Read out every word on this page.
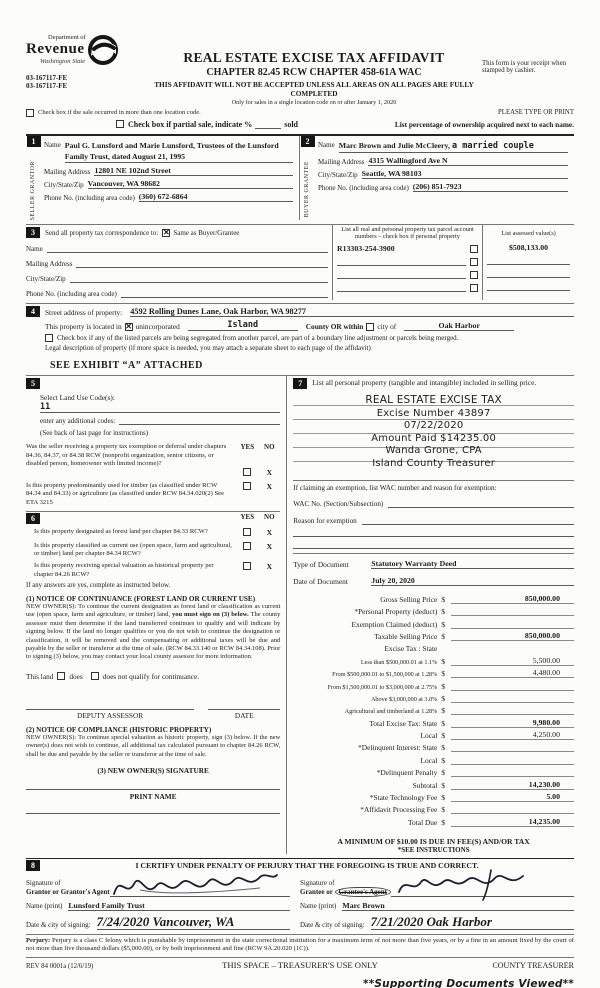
Department of
Revenue
Washington State
03-167117-FE
03-167117-FE
REAL ESTATE EXCISE TAX AFFIDAVIT
CHAPTER 82.45 RCW CHAPTER 458-61A WAC
THIS AFFIDAVIT WILL NOT BE ACCEPTED UNLESS ALL AREAS ON ALL PAGES ARE FULLY COMPLETED
Only for sales in a single location code on or after January 1, 2020
This form is your receipt when stamped by cashier.
Check box if the sale occurred in more than one location code.	PLEASE TYPE OR PRINT
Check box if partial sale, indicate %	sold	List percentage of ownership acquired next to each name.
1
SELLER GRANTOR
Name Paul G. Lunsford and Marie Lunsford, Trustees of the Lunsford Family Trust, dated August 21, 1995
Mailing Address 12801 NE 102nd Street
City/State/Zip Vancouver, WA 98682
Phone No. (including area code) (360) 672-6864
2
BUYER GRANTEE
Name Marc Brown and Julie McCleery, a married couple
Mailing Address 4315 Wallingford Ave N
City/State/Zip Seattle, WA 98103
Phone No. (including area code) (206) 851-7923
3	Send all property tax correspondence to: ✕ Same as Buyer/Grantee
Name
Mailing Address
City/State/Zip
Phone No. (including area code)
List all real and personal property tax parcel account numbers – check box if personal property
R13303-254-3900
List assessed value(s)
$508,133.00
4	Street address of property: 4592 Rolling Dunes Lane, Oak Harbor, WA 98277
This property is located in ✕ unincorporated	Island	County OR within city of	Oak Harbor
Check box if any of the listed parcels are being segregated from another parcel, are part of a boundary line adjustment or parcels being merged.
Legal description of property (if more space is needed, you may attach a separate sheet to each page of the affidavit)
SEE EXHIBIT “A” ATTACHED
5
Select Land Use Code(s):
11
enter any additional codes:
(See back of last page for instructions)
Was the seller receiving a property tax exemption or deferral under chapters 84.36, 84.37, or 84.38 RCW (nonprofit organization, senior citizens, or disabled person, homeowner with limited income)?
YES	NO
X
Is this property predominantly used for timber (as classified under RCW 84.34 and 84.33) or agriculture (as classified under RCW 84.34.020(2) See ETA 3215
X
6	YES	NO
Is this property designated as forest land per chapter 84.33 RCW?	X
Is this property classified as current use (open space, farm and agricultural, or timber) land per chapter 84.34 RCW?
X
Is this property receiving special valuation as historical property per chapter 84.26 RCW?
X
If any answers are yes, complete as instructed below.
(1) NOTICE OF CONTINUANCE (FOREST LAND OR CURRENT USE)
NEW OWNER(S): To continue the current designation as forest land or classification as current use (open space, farm and agriculture, or timber) land, you must sign on (3) below. The county assessor must then determine if the land transferred continues to qualify and will indicate by signing below. If the land no longer qualifies or you do not wish to continue the designation or classification, it will be removed and the compensating or additional taxes will be due and payable by the seller or transferor at the time of sale. (RCW 84.33.140 or RCW 84.34.108). Prior to signing (3) below, you may contact your local county assessor for more information.
This land does	does not qualify for continuance.
DEPUTY ASSESSOR	DATE
(2) NOTICE OF COMPLIANCE (HISTORIC PROPERTY)
NEW OWNER(S): To continue special valuation as historic property, sign (3) below. If the new owner(s) does not wish to continue, all additional tax calculated pursuant to chapter 84.26 RCW, shall be due and payable by the seller or transferor at the time of sale.
(3) NEW OWNER(S) SIGNATURE
PRINT NAME
7	List all personal property (tangible and intangible) included in selling price.
REAL ESTATE EXCISE TAX
Excise Number 43897
07/22/2020
Amount Paid $14235.00
Wanda Grone, CPA
Island County Treasurer
If claiming an exemption, list WAC number and reason for exemption:
WAC No. (Section/Subsection)
Reason for exemption
Type of Document	Statutory Warranty Deed
Date of Document	July 20, 2020
Gross Selling Price $	850,000.00
*Personal Property (deduct) $
Exemption Claimed (deduct) $
Taxable Selling Price $	850,000.00
Excise Tax : State
Less than $500,000.01 at 1.1% $	5,500.00
From $500,000.01 to $1,500,000 at 1.28% $	4,480.00
From $1,500,000.01 to $3,000,000 at 2.75% $
Above $3,000,000 at 3.0% $
Agricultural and timberland at 1.28% $
Total Excise Tax: State $	9,980.00
Local $	4,250.00
*Delinquent Interest: State $
Local $
*Delinquent Penalty $
Subtotal $	14,230.00
*State Technology Fee $	5.00
*Affidavit Processing Fee $
Total Due $	14,235.00
A MINIMUM OF $10.00 IS DUE IN FEE(S) AND/OR TAX
*SEE INSTRUCTIONS
8	I CERTIFY UNDER PENALTY OF PERJURY THAT THE FOREGOING IS TRUE AND CORRECT.
Signature of
Grantor or Grantor's Agent
Signature of
Grantee or Grantee's Agent
Name (print) Lunsford Family Trust	Name (print) Marc Brown
Date & city of signing: 7/24/2020 Vancouver, WA	Date & city of signing: 7/21/2020 Oak Harbor
Perjury: Perjury is a class C felony which is punishable by imprisonment in the state correctional institution for a maximum term of not more than five years, or by a fine in an amount fixed by the court of not more than five thousand dollars ($5,000.00), or by both imprisonment and fine (RCW 9A.20.020 (1C)).
REV 84 0001a (12/6/19)	THIS SPACE – TREASURER'S USE ONLY	COUNTY TREASURER
**Supporting Documents Viewed**
